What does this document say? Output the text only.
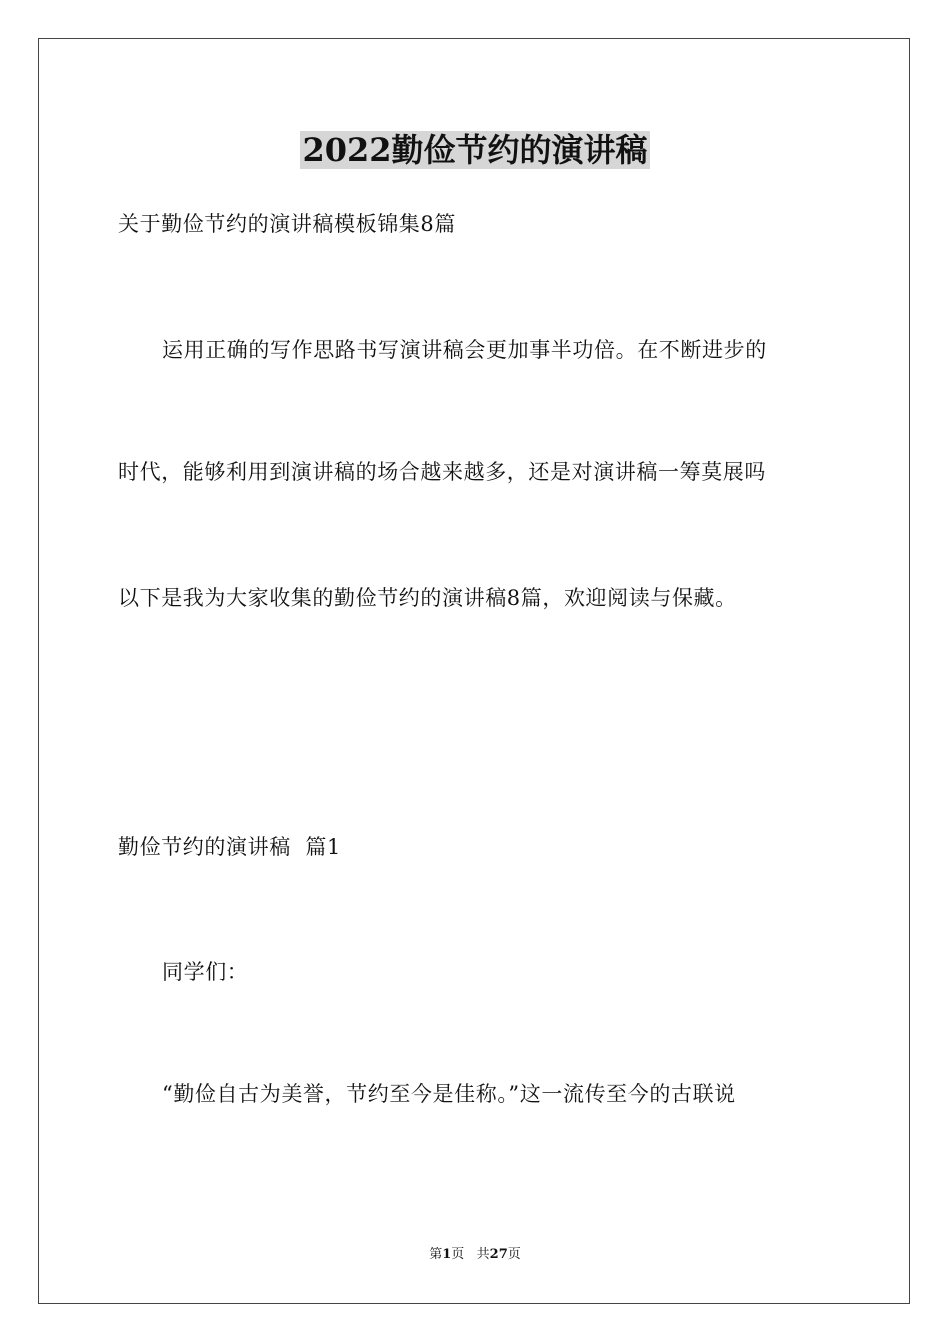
2022勤俭节约的演讲稿
关于勤俭节约的演讲稿模板锦集8篇
运用正确的写作思路书写演讲稿会更加事半功倍。在不断进步的
时代，能够利用到演讲稿的场合越来越多，还是对演讲稿一筹莫展吗
以下是我为大家收集的勤俭节约的演讲稿8篇，欢迎阅读与保藏。
勤俭节约的演讲稿  篇1
同学们：
“勤俭自古为美誉，节约至今是佳称。”这一流传至今的古联说
第1页   共27页
